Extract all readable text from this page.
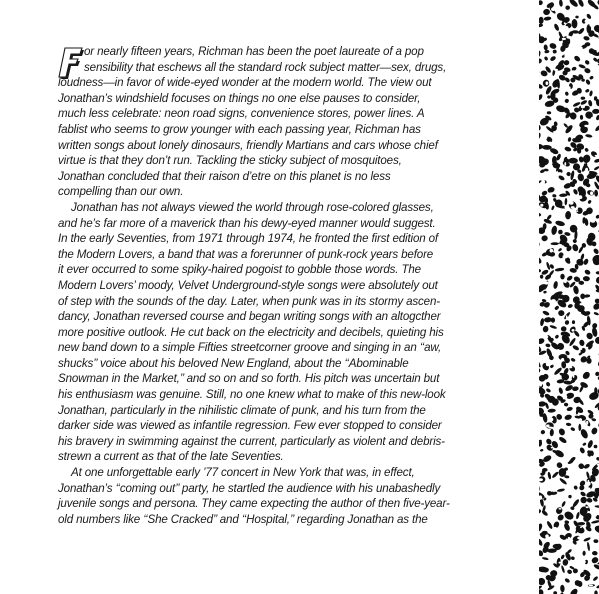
or nearly fifteen years, Richman has been the poet laureate of a pop
sensibility that eschews all the standard rock subject matter—sex, drugs,
loudness—in favor of wide-eyed wonder at the modern world. The view out
Jonathan’s windshield focuses on things no one else pauses to consider,
much less celebrate: neon road signs, convenience stores, power lines. A
fablist who seems to grow younger with each passing year, Richman has
written songs about lonely dinosaurs, friendly Martians and cars whose chief
virtue is that they don’t run. Tackling the sticky subject of mosquitoes,
Jonathan concluded that their raison d’etre on this planet is no less
compelling than our own.
Jonathan has not always viewed the world through rose-colored glasses,
and he’s far more of a maverick than his dewy-eyed manner would suggest.
In the early Seventies, from 1971 through 1974, he fronted the first edition of
the Modern Lovers, a band that was a forerunner of punk-rock years before
it ever occurred to some spiky-haired pogoist to gobble those words. The
Modern Lovers’ moody, Velvet Underground-style songs were absolutely out
of step with the sounds of the day. Later, when punk was in its stormy ascen-
dancy, Jonathan reversed course and began writing songs with an altogcther
more positive outlook. He cut back on the electricity and decibels, quieting his
new band down to a simple Fifties streetcorner groove and singing in an ‘‘aw,
shucks’’ voice about his beloved New England, about the ‘‘Abominable
Snowman in the Market,’’ and so on and so forth. His pitch was uncertain but
his enthusiasm was genuine. Still, no one knew what to make of this new-look
Jonathan, particularly in the nihilistic climate of punk, and his turn from the
darker side was viewed as infantile regression. Few ever stopped to consider
his bravery in swimming against the current, particularly as violent and debris-
strewn a current as that of the late Seventies.
At one unforgettable early ’77 concert in New York that was, in effect,
Jonathan’s ‘‘coming out’’ party, he startled the audience with his unabashedly
juvenile songs and persona. They came expecting the author of then five-year-
old numbers like ‘‘She Cracked’’ and ‘‘Hospital,’’ regarding Jonathan as the
